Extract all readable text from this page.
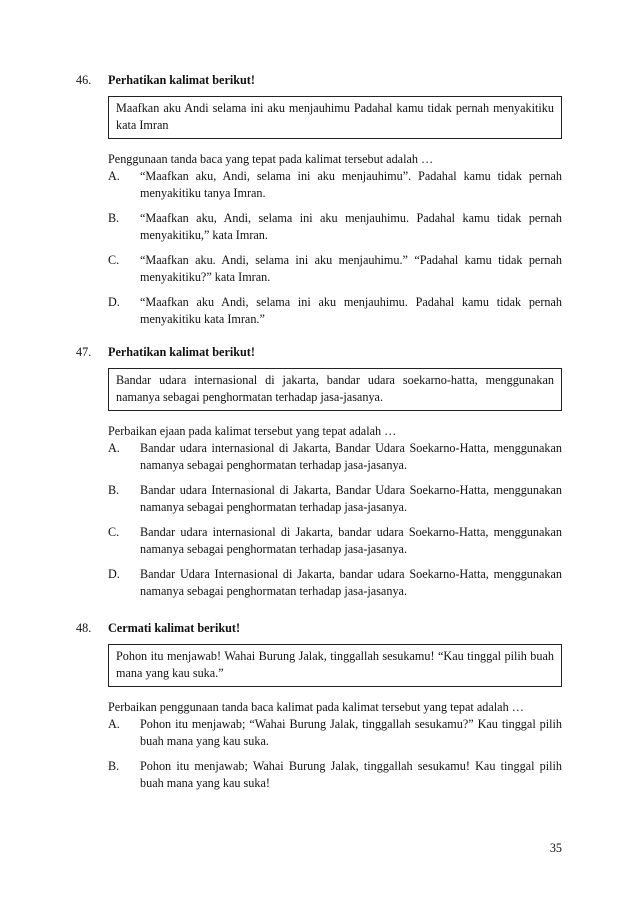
46.	Perhatikan kalimat berikut!
Maafkan aku Andi selama ini aku menjauhimu Padahal kamu tidak pernah menyakitiku kata Imran
Penggunaan tanda baca yang tepat pada kalimat tersebut adalah …
A.	“Maafkan aku, Andi, selama ini aku menjauhimu”. Padahal kamu tidak pernah menyakitiku tanya Imran.
B.	“Maafkan aku, Andi, selama ini aku menjauhimu. Padahal kamu tidak pernah menyakitiku,” kata Imran.
C.	“Maafkan aku. Andi, selama ini aku menjauhimu.” “Padahal kamu tidak pernah menyakitiku?” kata Imran.
D.	“Maafkan aku Andi, selama ini aku menjauhimu. Padahal kamu tidak pernah menyakitiku kata Imran.”
47.	Perhatikan kalimat berikut!
Bandar udara internasional di jakarta, bandar udara soekarno-hatta, menggunakan namanya sebagai penghormatan terhadap jasa-jasanya.
Perbaikan ejaan pada kalimat tersebut yang tepat adalah …
A.	Bandar udara internasional di Jakarta, Bandar Udara Soekarno-Hatta, menggunakan namanya sebagai penghormatan terhadap jasa-jasanya.
B.	Bandar udara Internasional di Jakarta, Bandar Udara Soekarno-Hatta, menggunakan namanya sebagai penghormatan terhadap jasa-jasanya.
C.	Bandar udara internasional di Jakarta, bandar udara Soekarno-Hatta, menggunakan namanya sebagai penghormatan terhadap jasa-jasanya.
D.	Bandar Udara Internasional di Jakarta, bandar udara Soekarno-Hatta, menggunakan namanya sebagai penghormatan terhadap jasa-jasanya.
48.	Cermati kalimat berikut!
Pohon itu menjawab! Wahai Burung Jalak, tinggallah sesukamu! “Kau tinggal pilih buah mana yang kau suka.”
Perbaikan penggunaan tanda baca kalimat pada kalimat tersebut yang tepat adalah …
A.	Pohon itu menjawab; “Wahai Burung Jalak, tinggallah sesukamu?” Kau tinggal pilih buah mana yang kau suka.
B.	Pohon itu menjawab; Wahai Burung Jalak, tinggallah sesukamu! Kau tinggal pilih buah mana yang kau suka!
35
